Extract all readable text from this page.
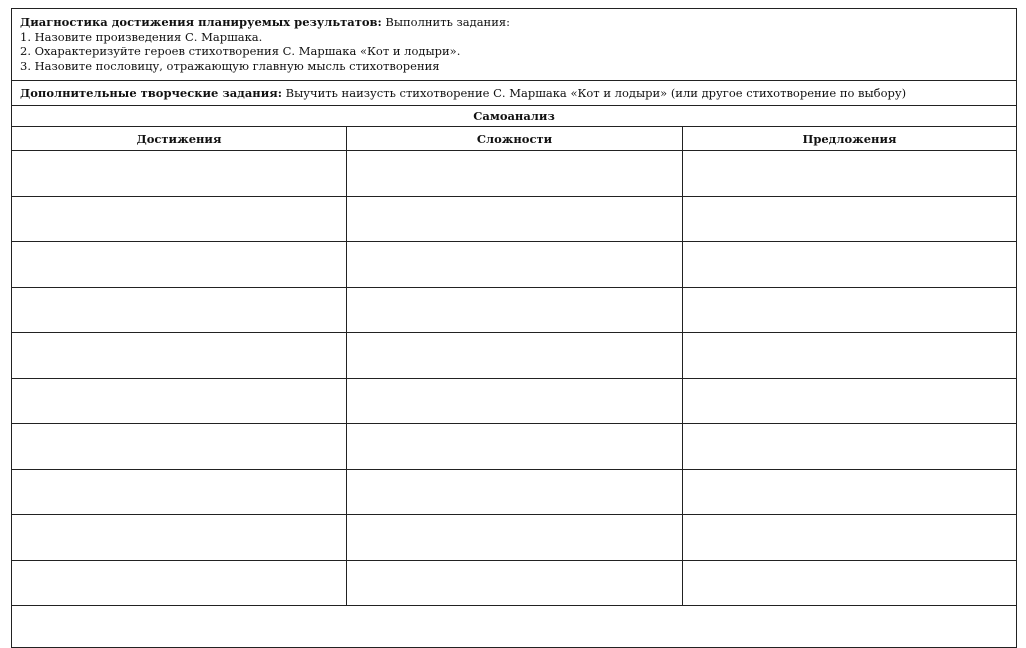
Диагностика достижения планируемых результатов: Выполнить задания:
1. Назовите произведения С. Маршака.
2. Охарактеризуйте героев стихотворения С. Маршака «Кот и лодыри».
3. Назовите пословицу, отражающую главную мысль стихотворения
Дополнительные творческие задания: Выучить наизусть стихотворение С. Маршака «Кот и лодыри» (или другое стихотворение по выбору)
Самоанализ
Достижения	Сложности	Предложения
